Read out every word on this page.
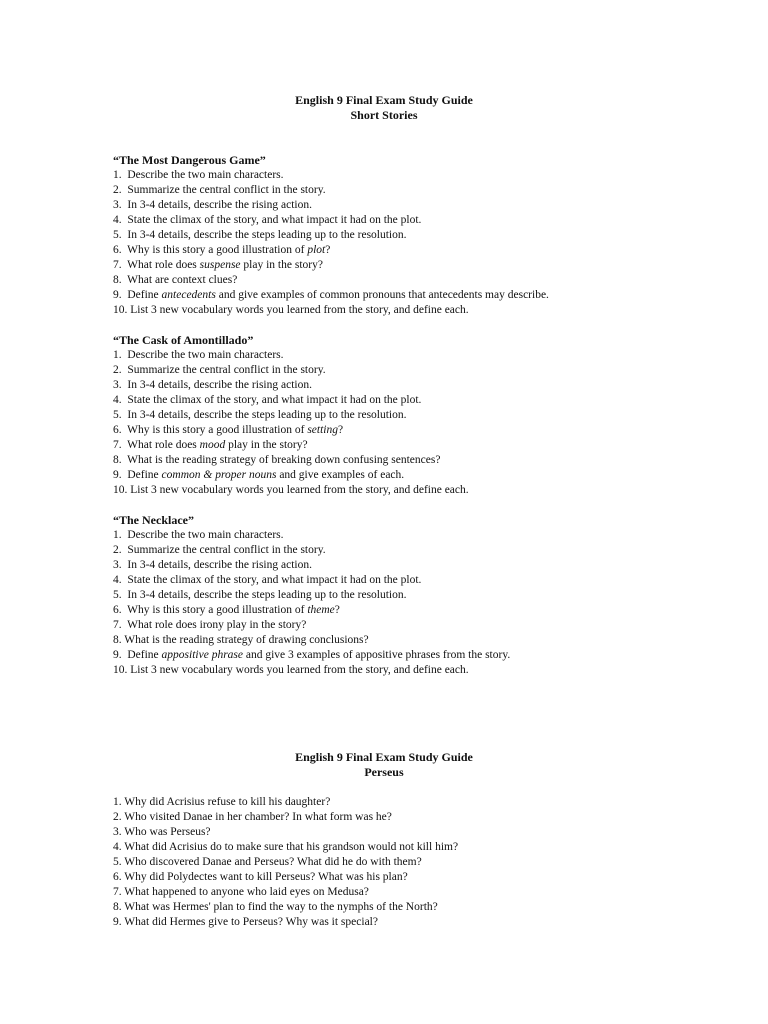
English 9 Final Exam Study Guide
Short Stories
“The Most Dangerous Game”
1.  Describe the two main characters.
2.  Summarize the central conflict in the story.
3.  In 3-4 details, describe the rising action.
4.  State the climax of the story, and what impact it had on the plot.
5.  In 3-4 details, describe the steps leading up to the resolution.
6.  Why is this story a good illustration of plot?
7.  What role does suspense play in the story?
8.  What are context clues?
9.  Define antecedents and give examples of common pronouns that antecedents may describe.
10. List 3 new vocabulary words you learned from the story, and define each.
“The Cask of Amontillado”
1.  Describe the two main characters.
2.  Summarize the central conflict in the story.
3.  In 3-4 details, describe the rising action.
4.  State the climax of the story, and what impact it had on the plot.
5.  In 3-4 details, describe the steps leading up to the resolution.
6.  Why is this story a good illustration of setting?
7.  What role does mood play in the story?
8.  What is the reading strategy of breaking down confusing sentences?
9.  Define common & proper nouns and give examples of each.
10. List 3 new vocabulary words you learned from the story, and define each.
“The Necklace”
1.  Describe the two main characters.
2.  Summarize the central conflict in the story.
3.  In 3-4 details, describe the rising action.
4.  State the climax of the story, and what impact it had on the plot.
5.  In 3-4 details, describe the steps leading up to the resolution.
6.  Why is this story a good illustration of theme?
7.  What role does irony play in the story?
8. What is the reading strategy of drawing conclusions?
9.  Define appositive phrase and give 3 examples of appositive phrases from the story.
10. List 3 new vocabulary words you learned from the story, and define each.
English 9 Final Exam Study Guide
Perseus
1. Why did Acrisius refuse to kill his daughter?
2. Who visited Danae in her chamber? In what form was he?
3. Who was Perseus?
4. What did Acrisius do to make sure that his grandson would not kill him?
5. Who discovered Danae and Perseus? What did he do with them?
6. Why did Polydectes want to kill Perseus? What was his plan?
7. What happened to anyone who laid eyes on Medusa?
8. What was Hermes' plan to find the way to the nymphs of the North?
9. What did Hermes give to Perseus? Why was it special?
